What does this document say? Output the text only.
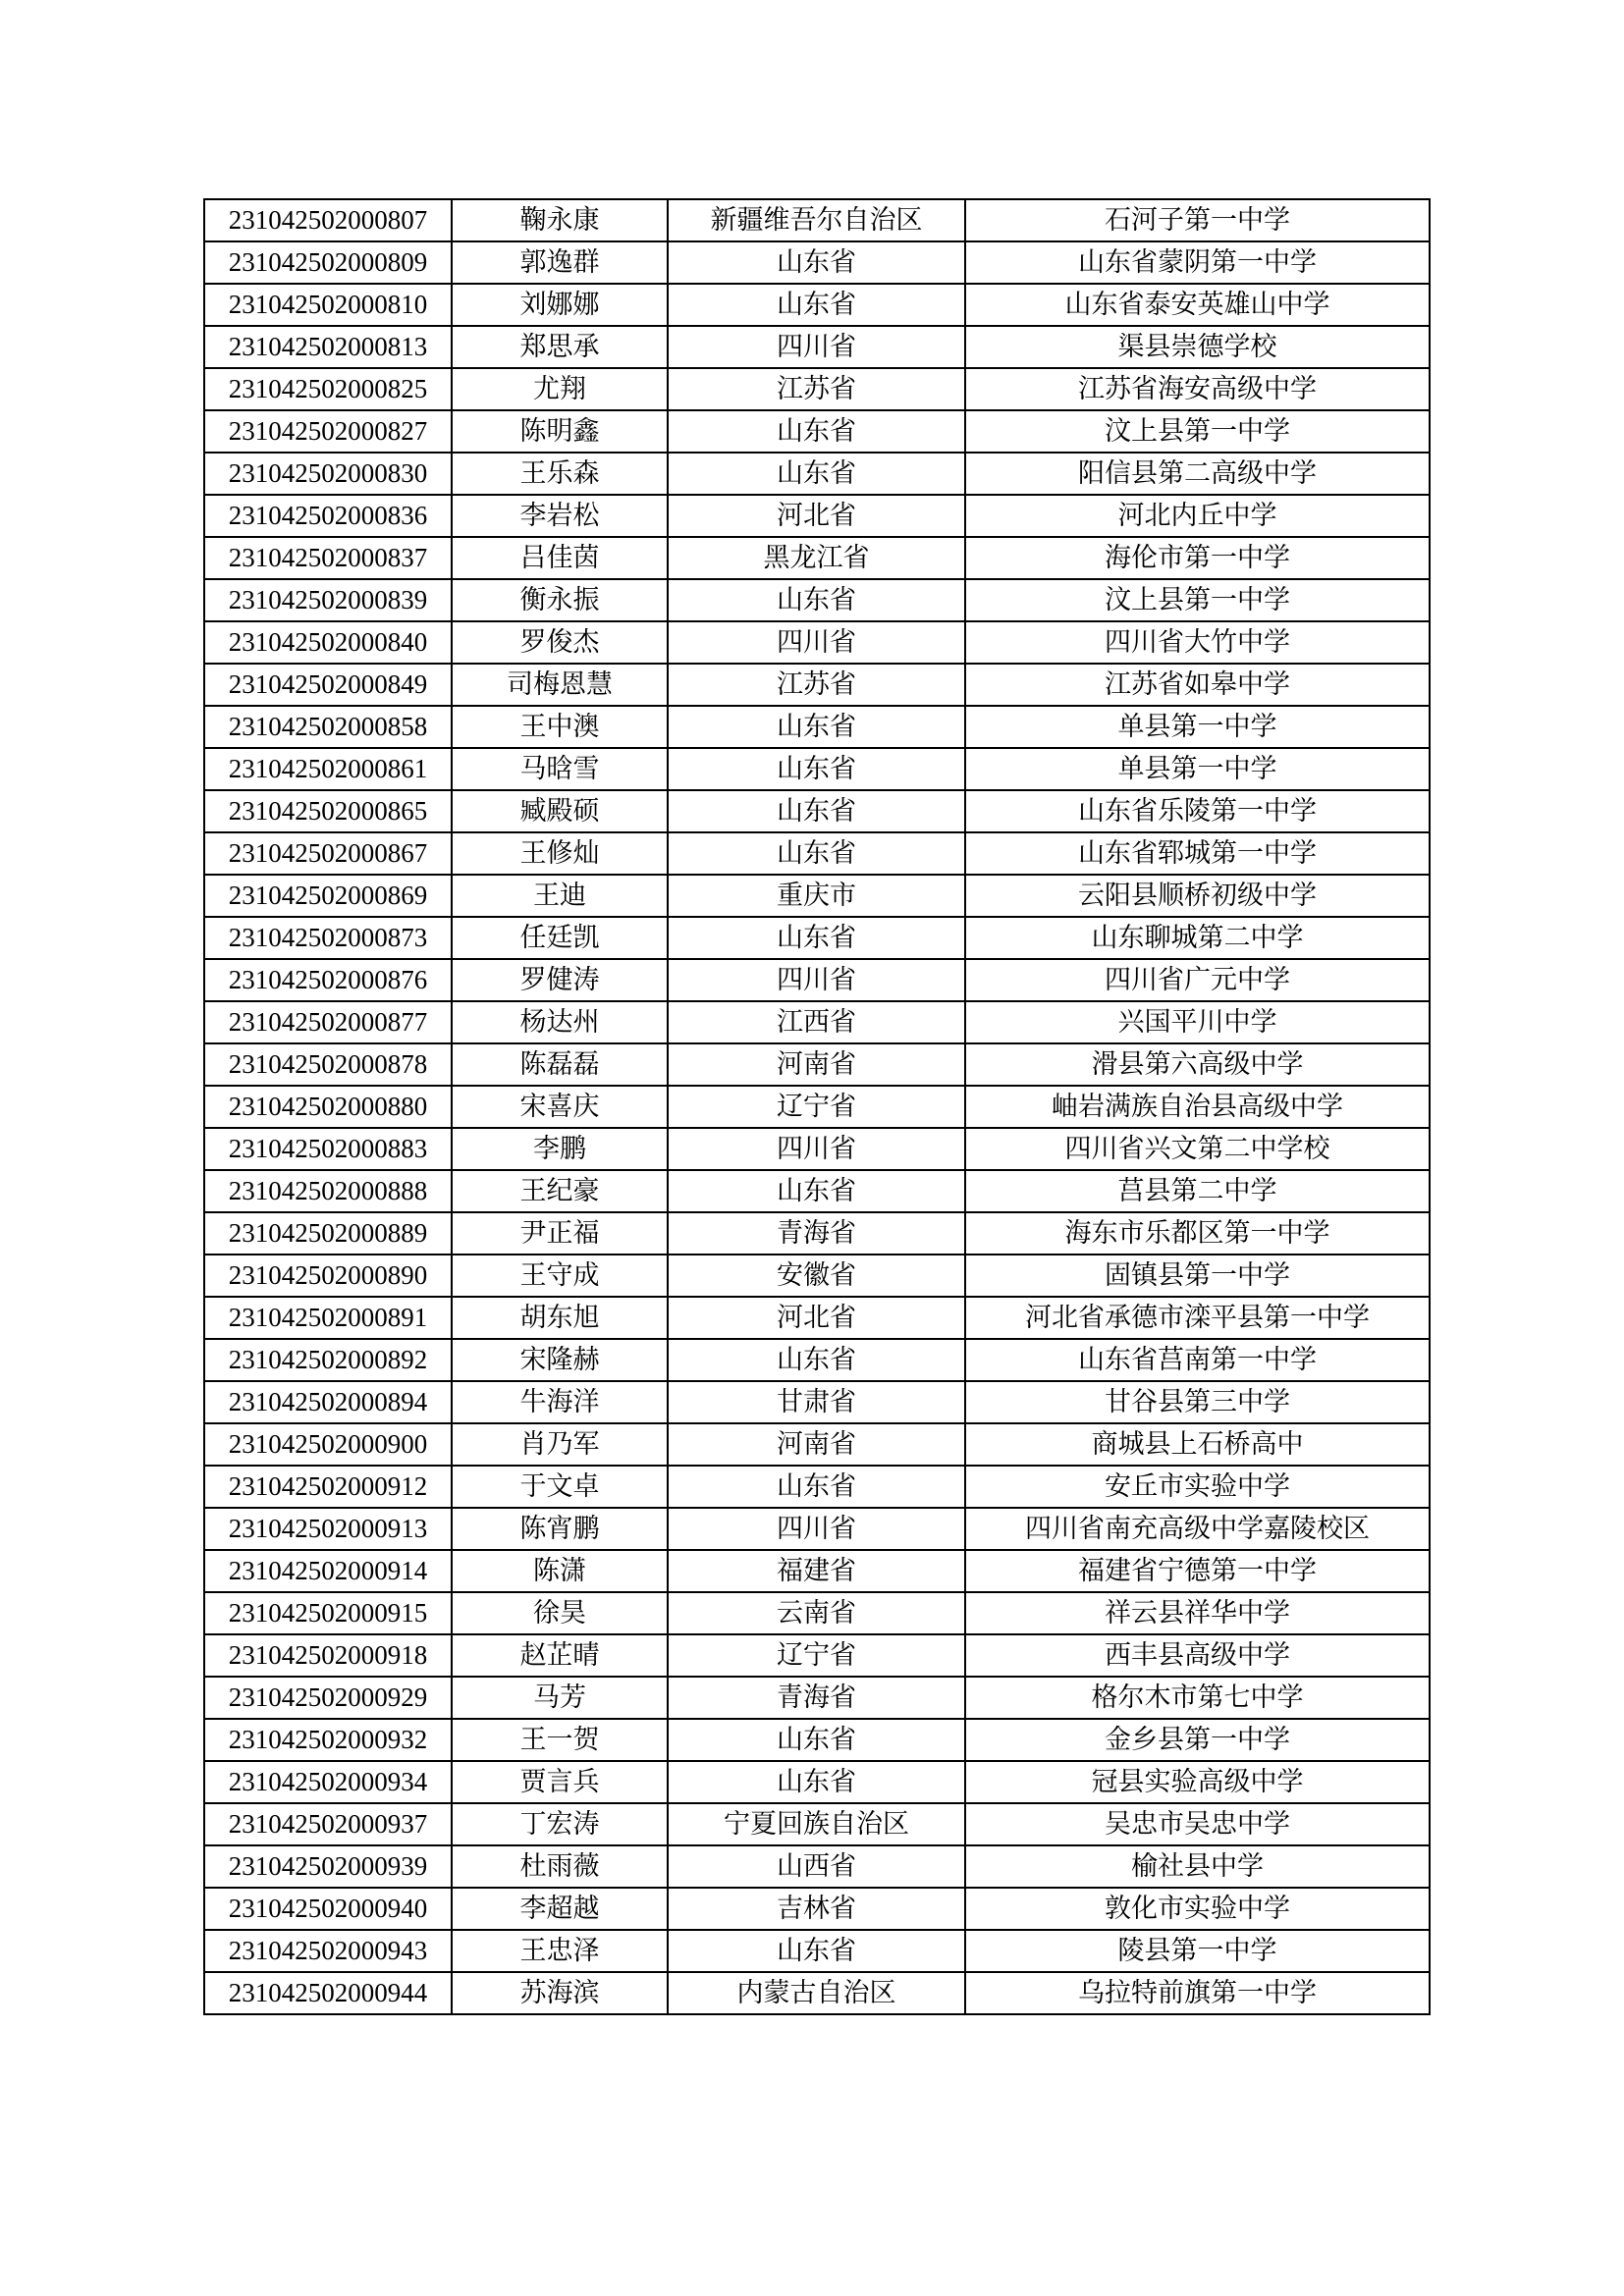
231042502000807	鞠永康	新疆维吾尔自治区	石河子第一中学
231042502000809	郭逸群	山东省	山东省蒙阴第一中学
231042502000810	刘娜娜	山东省	山东省泰安英雄山中学
231042502000813	郑思承	四川省	渠县崇德学校
231042502000825	尤翔	江苏省	江苏省海安高级中学
231042502000827	陈明鑫	山东省	汶上县第一中学
231042502000830	王乐森	山东省	阳信县第二高级中学
231042502000836	李岩松	河北省	河北内丘中学
231042502000837	吕佳茵	黑龙江省	海伦市第一中学
231042502000839	衡永振	山东省	汶上县第一中学
231042502000840	罗俊杰	四川省	四川省大竹中学
231042502000849	司梅恩慧	江苏省	江苏省如皋中学
231042502000858	王中澳	山东省	单县第一中学
231042502000861	马晗雪	山东省	单县第一中学
231042502000865	臧殿硕	山东省	山东省乐陵第一中学
231042502000867	王修灿	山东省	山东省郓城第一中学
231042502000869	王迪	重庆市	云阳县顺桥初级中学
231042502000873	任廷凯	山东省	山东聊城第二中学
231042502000876	罗健涛	四川省	四川省广元中学
231042502000877	杨达州	江西省	兴国平川中学
231042502000878	陈磊磊	河南省	滑县第六高级中学
231042502000880	宋喜庆	辽宁省	岫岩满族自治县高级中学
231042502000883	李鹏	四川省	四川省兴文第二中学校
231042502000888	王纪豪	山东省	莒县第二中学
231042502000889	尹正福	青海省	海东市乐都区第一中学
231042502000890	王守成	安徽省	固镇县第一中学
231042502000891	胡东旭	河北省	河北省承德市滦平县第一中学
231042502000892	宋隆赫	山东省	山东省莒南第一中学
231042502000894	牛海洋	甘肃省	甘谷县第三中学
231042502000900	肖乃军	河南省	商城县上石桥高中
231042502000912	于文卓	山东省	安丘市实验中学
231042502000913	陈宵鹏	四川省	四川省南充高级中学嘉陵校区
231042502000914	陈潇	福建省	福建省宁德第一中学
231042502000915	徐昊	云南省	祥云县祥华中学
231042502000918	赵芷晴	辽宁省	西丰县高级中学
231042502000929	马芳	青海省	格尔木市第七中学
231042502000932	王一贺	山东省	金乡县第一中学
231042502000934	贾言兵	山东省	冠县实验高级中学
231042502000937	丁宏涛	宁夏回族自治区	吴忠市吴忠中学
231042502000939	杜雨薇	山西省	榆社县中学
231042502000940	李超越	吉林省	敦化市实验中学
231042502000943	王忠泽	山东省	陵县第一中学
231042502000944	苏海滨	内蒙古自治区	乌拉特前旗第一中学
